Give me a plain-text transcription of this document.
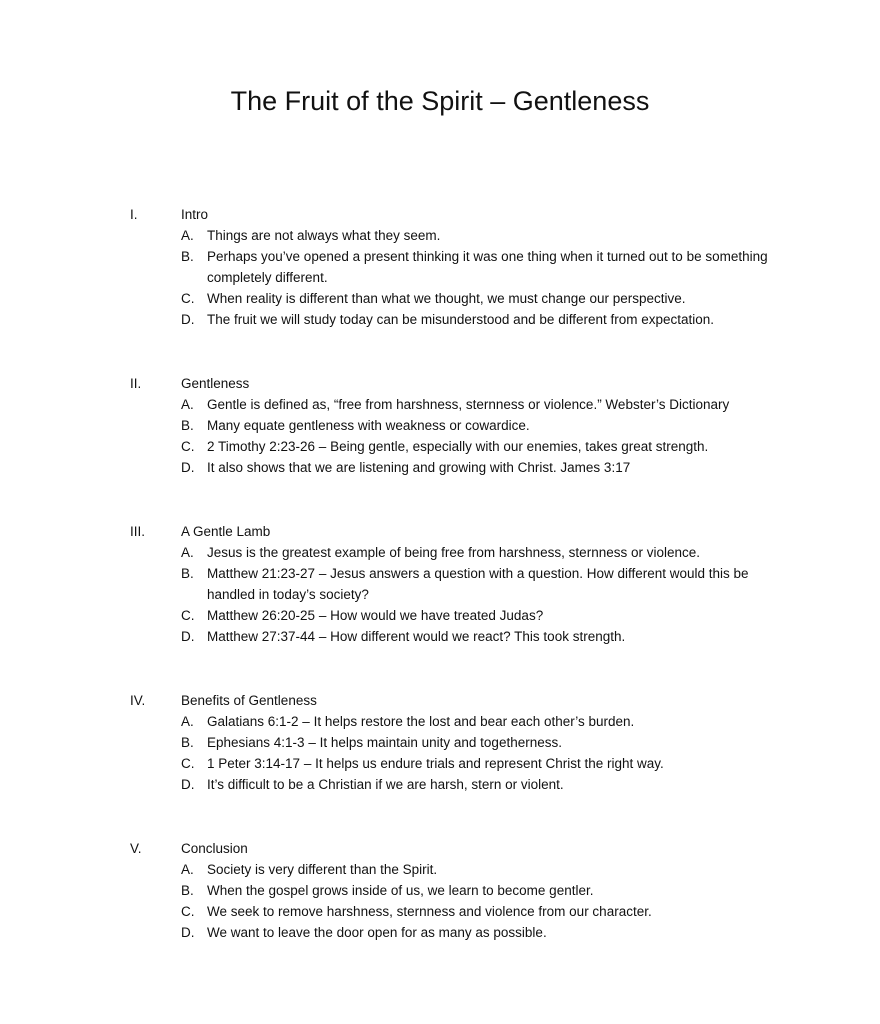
The Fruit of the Spirit – Gentleness
I.	Intro
A. Things are not always what they seem.
B. Perhaps you’ve opened a present thinking it was one thing when it turned out to be something completely different.
C. When reality is different than what we thought, we must change our perspective.
D. The fruit we will study today can be misunderstood and be different from expectation.
II.	Gentleness
A. Gentle is defined as, “free from harshness, sternness or violence.” Webster’s Dictionary
B. Many equate gentleness with weakness or cowardice.
C. 2 Timothy 2:23-26 – Being gentle, especially with our enemies, takes great strength.
D. It also shows that we are listening and growing with Christ. James 3:17
III.	A Gentle Lamb
A. Jesus is the greatest example of being free from harshness, sternness or violence.
B. Matthew 21:23-27 – Jesus answers a question with a question. How different would this be handled in today’s society?
C. Matthew 26:20-25 – How would we have treated Judas?
D. Matthew 27:37-44 – How different would we react? This took strength.
IV.	Benefits of Gentleness
A. Galatians 6:1-2 – It helps restore the lost and bear each other’s burden.
B. Ephesians 4:1-3 – It helps maintain unity and togetherness.
C. 1 Peter 3:14-17 – It helps us endure trials and represent Christ the right way.
D. It’s difficult to be a Christian if we are harsh, stern or violent.
V.	Conclusion
A. Society is very different than the Spirit.
B. When the gospel grows inside of us, we learn to become gentler.
C. We seek to remove harshness, sternness and violence from our character.
D. We want to leave the door open for as many as possible.
